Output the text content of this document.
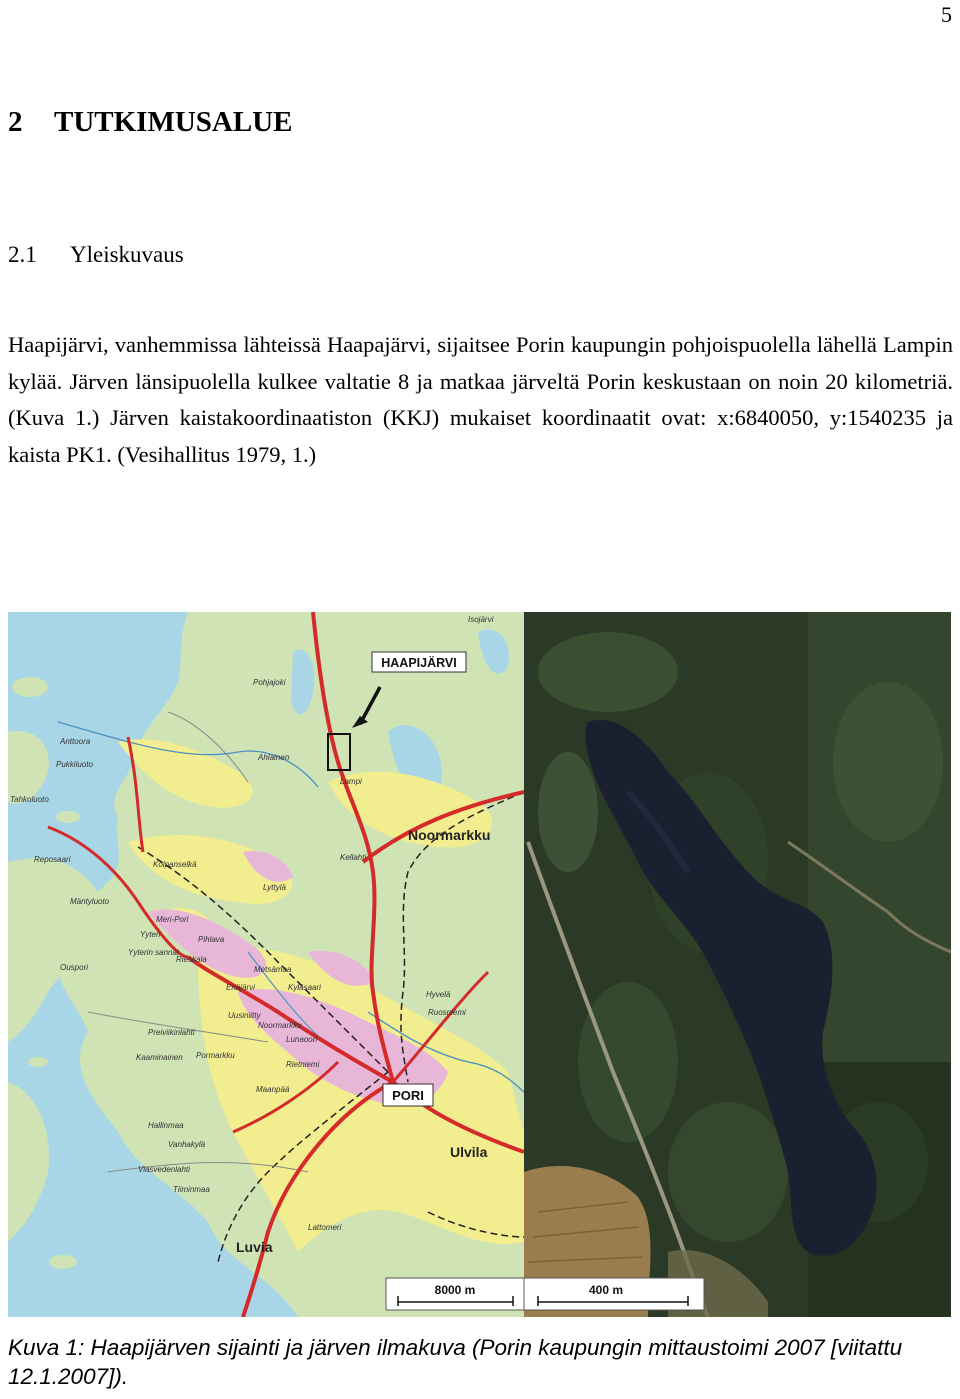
5
2 TUTKIMUSALUE
2.1 Yleiskuvaus

Haapijärvi, vanhemmissa lähteissä Haapajärvi, sijaitsee Porin kaupungin pohjoispuolella lähellä Lampin kylää. Järven länsipuolella kulkee valtatie 8 ja matkaa järveltä Porin keskustaan on noin 20 kilometriä. (Kuva 1.) Järven kaistakoordinaatiston (KKJ) mukaiset koordinaatit ovat: x:6840050, y:1540235 ja kaista PK1. (Vesihallitus 1979, 1.)

HAAPIJÄRVI
PORI
Noormarkku
Ulvila
Luvia
Isojärvi
Pohjajoki
Ahlainen
Lampi
Anttoora
Pukkiluoto
Tahkoluoto
Reposaari	Kellahti
Lyttylä
Mäntyluoto
Kolpanselkä
Meri-Pori
Pihlava
Yyteri
Yyterin sannat
Rieskala
Metsämaa
Enäjärvi	Kyläsaari
Hyvelä
Ruosniemi
Uusiniitty
Ouspori
Preiviikinlahti
Kaaminainen
Noormarkku
Lunaoori
Pormarkku
Rietniemi
Maanpää
Hallinmaa
Vanhakylä
Viasvedenlahti
Tiiminmaa
Lattomeri
8000 m	400 m

Kuva 1: Haapijärven sijainti ja järven ilmakuva (Porin kaupungin mittaustoimi 2007 [viitattu 12.1.2007]).
